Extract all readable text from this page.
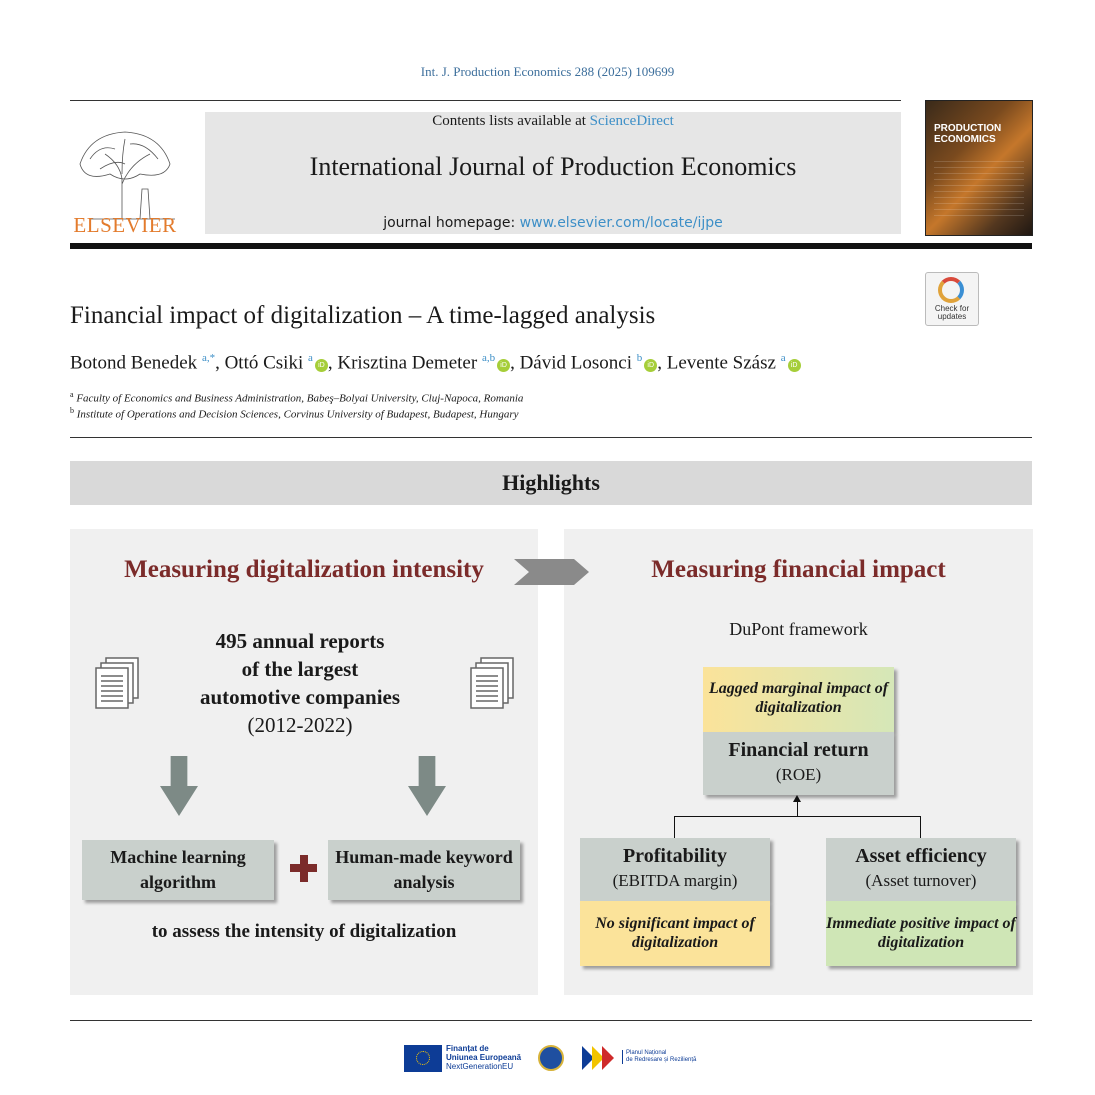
Int. J. Production Economics 288 (2025) 109699
ELSEVIER
Contents lists available at ScienceDirect
International Journal of Production Economics
journal homepage: www.elsevier.com/locate/ijpe
PRODUCTION ECONOMICS
Check for updates
Financial impact of digitalization – A time-lagged analysis
Botond Benedek $^{a,*}$, Ottó Csiki $^a$iD , Krisztina Demeter $^{a,b}$iD , Dávid Losonci $^b$iD , Levente Szász $^a$iD
$^a$ Faculty of Economics and Business Administration, Babeş–Bolyai University, Cluj-Napoca, Romania
$^b$ Institute of Operations and Decision Sciences, Corvinus University of Budapest, Budapest, Hungary
Highlights
Measuring digitalization intensity	Measuring financial impact
495 annual reports
of the largest
automotive companies
(2012-2022)
Machine learning algorithm
Human-made keyword analysis
to assess the intensity of digitalization
DuPont framework
Lagged marginal impact of digitalization
Financial return
(ROE)
Profitability
(EBITDA margin)
No significant impact of digitalization
Asset efficiency
(Asset turnover)
Immediate positive impact of digitalization
Finanțat de
Uniunea Europeană
NextGenerationEU
Planul Național
de Redresare și Reziliență
